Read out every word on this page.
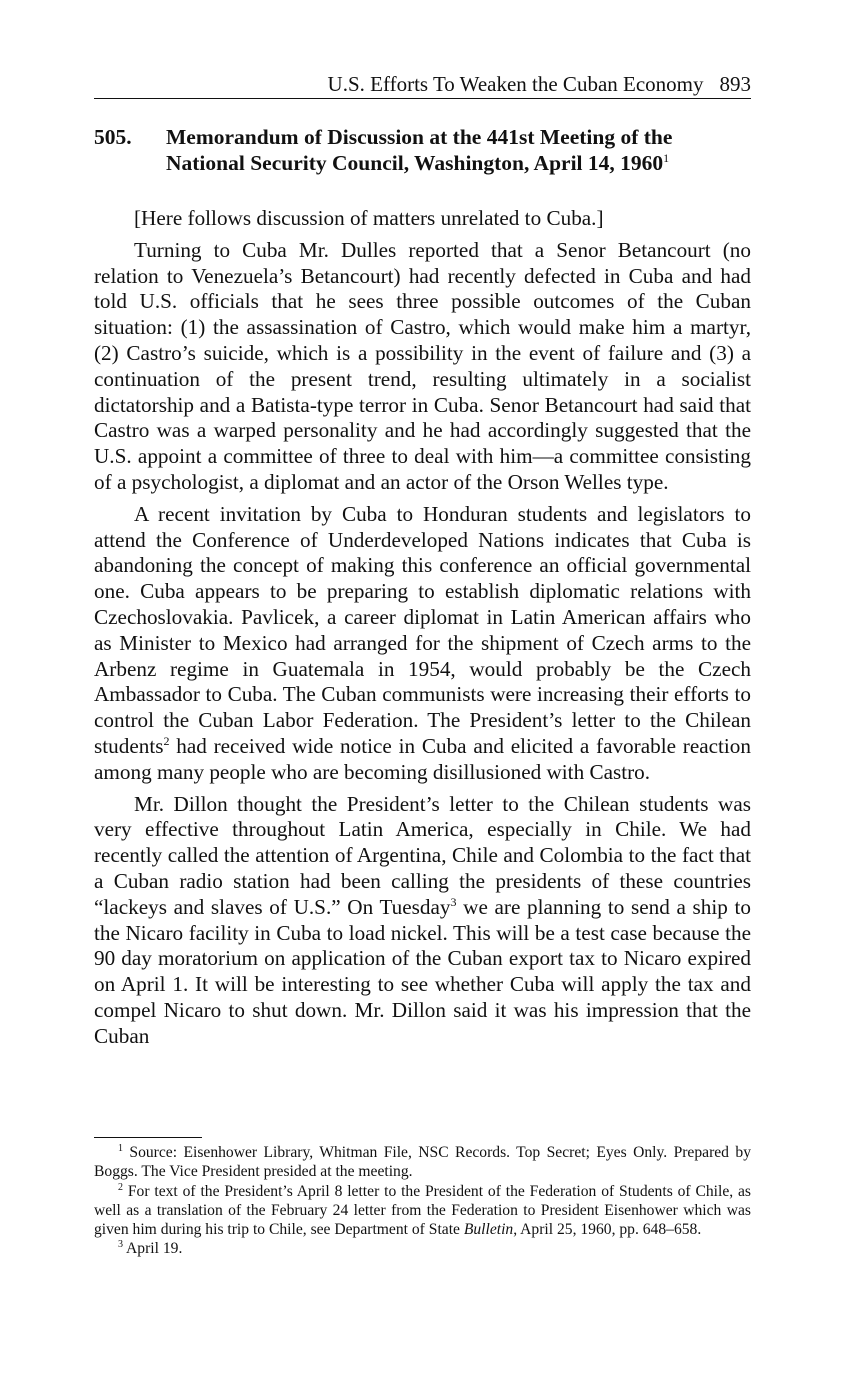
U.S. Efforts To Weaken the Cuban Economy 893
505. Memorandum of Discussion at the 441st Meeting of the
National Security Council, Washington, April 14, 1960$^1$

[Here follows discussion of matters unrelated to Cuba.]

Turning to Cuba Mr. Dulles reported that a Senor Betancourt (no relation to Venezuela’s Betancourt) had recently defected in Cuba and had told U.S. officials that he sees three possible outcomes of the Cuban situation: (1) the assassination of Castro, which would make him a martyr, (2) Castro’s suicide, which is a possibility in the event of failure and (3) a continuation of the present trend, resulting ultimately in a socialist dictatorship and a Batista-type terror in Cuba. Senor Betancourt had said that Castro was a warped personality and he had accordingly suggested that the U.S. appoint a committee of three to deal with him—a committee consisting of a psychologist, a diplomat and an actor of the Orson Welles type.

A recent invitation by Cuba to Honduran students and legislators to attend the Conference of Underdeveloped Nations indicates that Cuba is abandoning the concept of making this conference an official governmental one. Cuba appears to be preparing to establish diplomatic relations with Czechoslovakia. Pavlicek, a career diplomat in Latin American affairs who as Minister to Mexico had arranged for the shipment of Czech arms to the Arbenz regime in Guatemala in 1954, would probably be the Czech Ambassador to Cuba. The Cuban communists were increasing their efforts to control the Cuban Labor Federation. The President’s letter to the Chilean students$^2$ had received wide notice in Cuba and elicited a favorable reaction among many people who are becoming disillusioned with Castro.

Mr. Dillon thought the President’s letter to the Chilean students was very effective throughout Latin America, especially in Chile. We had recently called the attention of Argentina, Chile and Colombia to the fact that a Cuban radio station had been calling the presidents of these countries “lackeys and slaves of U.S.” On Tuesday$^3$ we are planning to send a ship to the Nicaro facility in Cuba to load nickel. This will be a test case because the 90 day moratorium on application of the Cuban export tax to Nicaro expired on April 1. It will be interesting to see whether Cuba will apply the tax and compel Nicaro to shut down. Mr. Dillon said it was his impression that the Cuban

$^1$ Source: Eisenhower Library, Whitman File, NSC Records. Top Secret; Eyes Only. Prepared by Boggs. The Vice President presided at the meeting.

$^2$ For text of the President’s April 8 letter to the President of the Federation of Students of Chile, as well as a translation of the February 24 letter from the Federation to President Eisenhower which was given him during his trip to Chile, see Department of State Bulletin, April 25, 1960, pp. 648–658.

$^3$ April 19.
